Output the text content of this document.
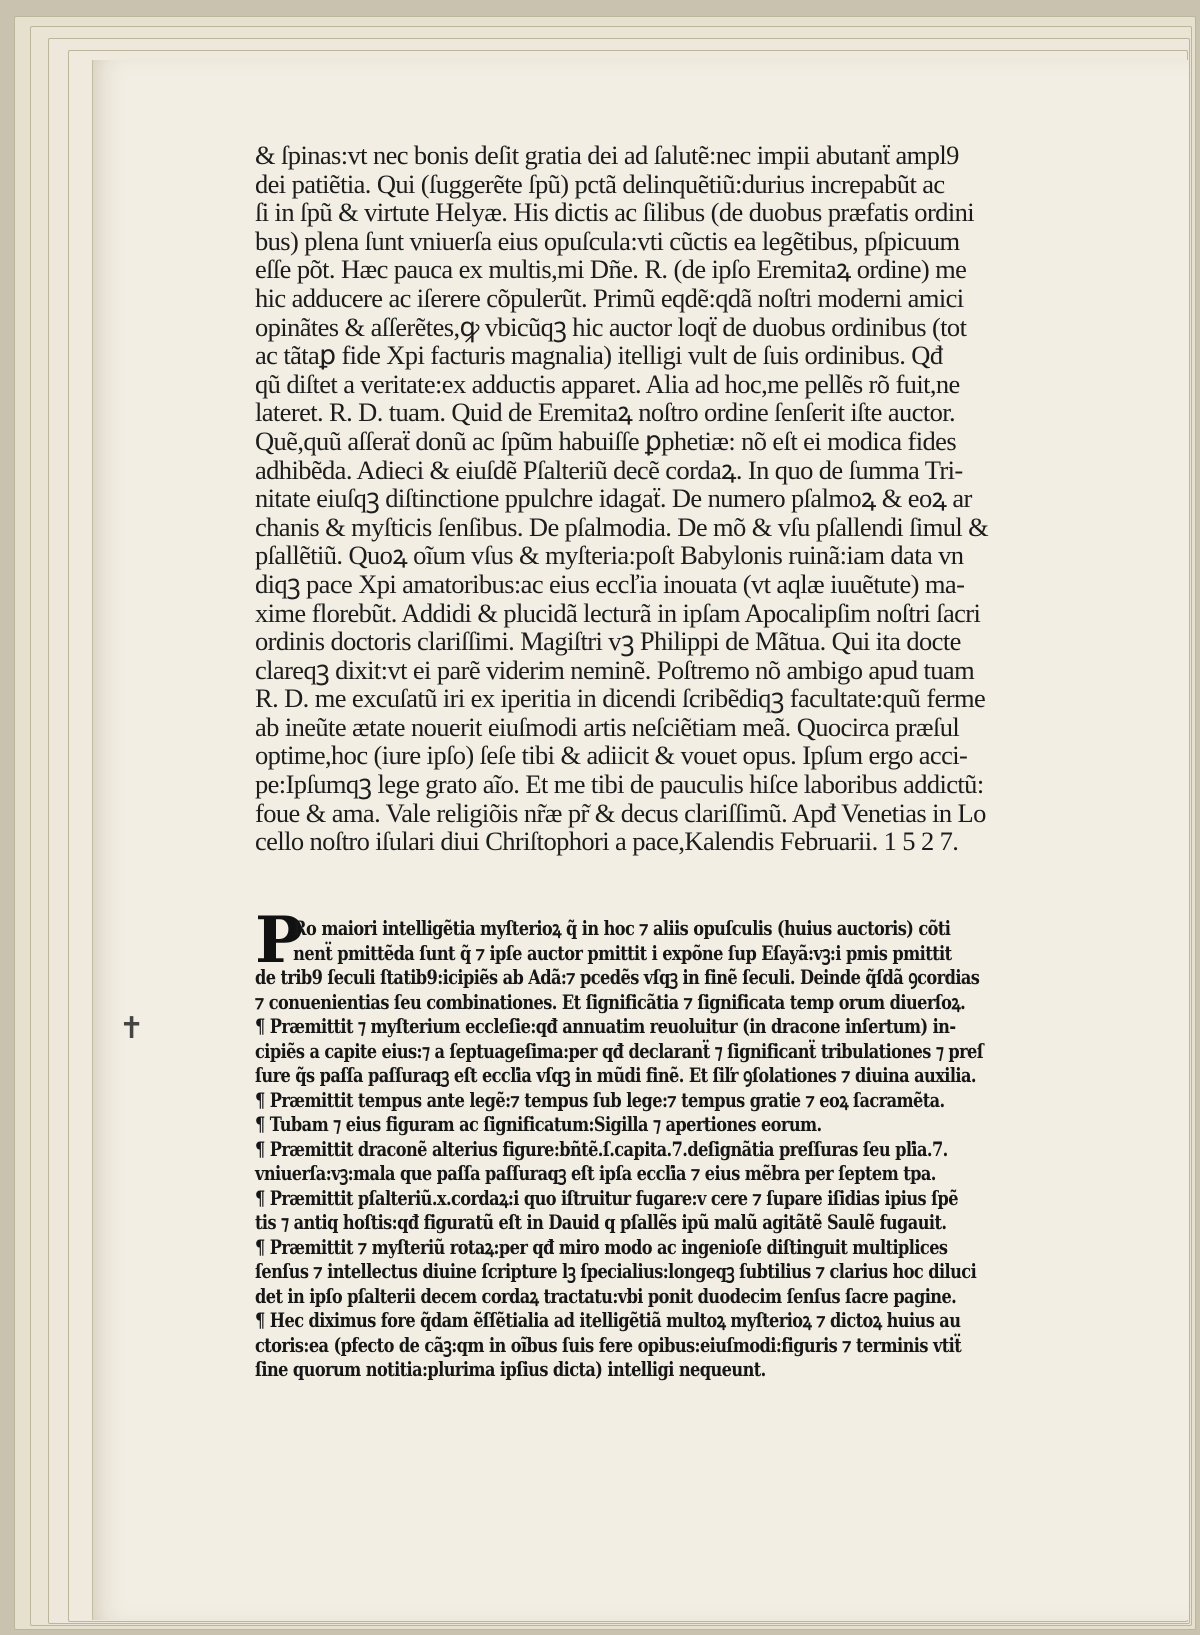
✝
& ſpinas:vt nec bonis deſit gratia dei ad ſalutẽ:nec impii abutanẗ ampl9
dei patiẽtia. Qui (ſuggerẽte ſpũ) pctã delinquẽtiũ:durius increpabũt ac
ſi in ſpũ & virtute Helyæ. His dictis ac ſilibus (de duobus præfatis ordini
bus) plena ſunt vniuerſa eius opuſcula:vti cũctis ea legẽtibus, pſpicuum
eſſe põt. Hæc pauca ex multis,mi Dñe. R. (de ipſo Eremitaꝝ ordine) me
hic adducere ac iſerere cõpulerũt. Primũ eqdẽ:qdã noſtri moderni amici
opinãtes & aſſerẽtes,ꝙ vbicũqꝫ hic auctor loqẗ de duobus ordinibus (tot
ac tãtaꝑ fide Xpi facturis magnalia) itelligi vult de ſuis ordinibus. Qđ
qũ diſtet a veritate:ex adductis apparet. Alia ad hoc,me pellẽs rõ fuit,ne
lateret. R. D. tuam. Quid de Eremitaꝝ noſtro ordine ſenſerit iſte auctor.
Quẽ,quũ aſſeraẗ donũ ac ſpũm habuiſſe ꝑphetiæ: nõ eſt ei modica fides
adhibẽda. Adieci & eiuſdẽ Pſalteriũ decẽ cordaꝝ. In quo de ſumma Tri-
nitate eiuſqꝫ diſtinctione ppulchre idagaẗ. De numero pſalmoꝝ & eoꝝ ar
chanis & myſticis ſenſibus. De pſalmodia. De mõ & vſu pſallendi ſimul &
pſallẽtiũ. Quoꝝ oĩum vſus & myſteria:poſt Babylonis ruinã:iam data vn
diqꝫ pace Xpi amatoribus:ac eius eccľia inouata (vt aqlæ iuuẽtute) ma-
xime florebũt. Addidi & plucidã lecturã in ipſam Apocalipſim noſtri ſacri
ordinis doctoris clariſſimi. Magiſtri vꝫ Philippi de Mãtua. Qui ita docte
clareqꝫ dixit:vt ei parẽ viderim neminẽ. Poſtremo nõ ambigo apud tuam
R. D. me excuſatũ iri ex iperitia in dicendi ſcribẽdiqꝫ facultate:quũ ferme
ab ineũte ætate nouerit eiuſmodi artis neſciẽtiam meã. Quocirca præſul
optime,hoc (iure ipſo) ſeſe tibi & adiicit & vouet opus. Ipſum ergo acci-
pe:Ipſumqꝫ lege grato aĩo. Et me tibi de pauculis hiſce laboribus addictũ:
foue & ama. Vale religiõis nr̃æ pr̃ & decus clariſſimũ. Apđ Venetias in Lo
cello noſtro iſulari diui Chriſtophori a pace,Kalendis Februarii. 1 5 2 7.
P
Ro maiori intelligẽtia myſterioꝝ q̃ in hoc ⁊ aliis opuſculis (huius auctoris) cõti
nenẗ pmittẽda ſunt q̃ ⁊ ipſe auctor pmittit i expõne ſup Eſayã:vꝫ:i pmis pmittit
de trib9 ſeculi ſtatib9:icipiẽs ab Adã:⁊ pcedẽs vſqꝫ in finẽ ſeculi. Deinde q̃ſdã ꝯcordias
⁊ conuenientias ſeu combinationes. Et ſignificãtia ⁊ ſignificata temp orum diuerſoꝝ.
¶ Præmittit ⁊ myſterium eccleſie:qđ annuatim reuoluitur (in dracone inſertum) in-
cipiẽs a capite eius:⁊ a ſeptuageſima:per qđ declaranẗ ⁊ ſignificanẗ tribulationes ⁊ preſ
ſure q̃s paſſa paſſuraqꝫ eſt eccľia vſqꝫ in mũdi finẽ. Et ſiľr ꝯſolationes ⁊ diuina auxilia.
¶ Præmittit tempus ante legẽ:⁊ tempus ſub lege:⁊ tempus gratie ⁊ eoꝝ ſacramẽta.
¶ Tubam ⁊ eius figuram ac ſignificatum:Sigilla ⁊ apertiones eorum.
¶ Præmittit draconẽ alterius figure:bñtẽ.ſ.capita.7.deſignãtia preſſuras ſeu pľia.7.
vniuerſa:vꝫ:mala que paſſa paſſuraqꝫ eſt ipſa eccľia ⁊ eius mẽbra per ſeptem tpa.
¶ Præmittit pſalteriũ.x.cordaꝝ:i quo iſtruitur fugare:v cere ⁊ ſupare iſidias ipius ſpẽ
tis ⁊ antiq hoſtis:qđ figuratũ eſt in Dauid q pſallẽs ipũ malũ agitãtẽ Saulẽ fugauit.
¶ Præmittit ⁊ myſteriũ rotaꝝ:per qđ miro modo ac ingenioſe diſtinguit multiplices
ſenſus ⁊ intellectus diuine ſcripture lꝫ ſpecialius:longeqꝫ ſubtilius ⁊ clarius hoc diluci
det in ipſo pſalterii decem cordaꝝ tractatu:vbi ponit duodecim ſenſus ſacre pagine.
¶ Hec diximus fore q̃dam ẽſſẽtialia ad itelligẽtiã multoꝝ myſterioꝝ ⁊ dictoꝝ huius au
ctoris:ea (pfecto de cãꝫ:qm in oĩbus ſuis fere opibus:eiuſmodi:figuris ⁊ terminis vtiẗ
ſine quorum notitia:plurima ipſius dicta) intelligi nequeunt.
